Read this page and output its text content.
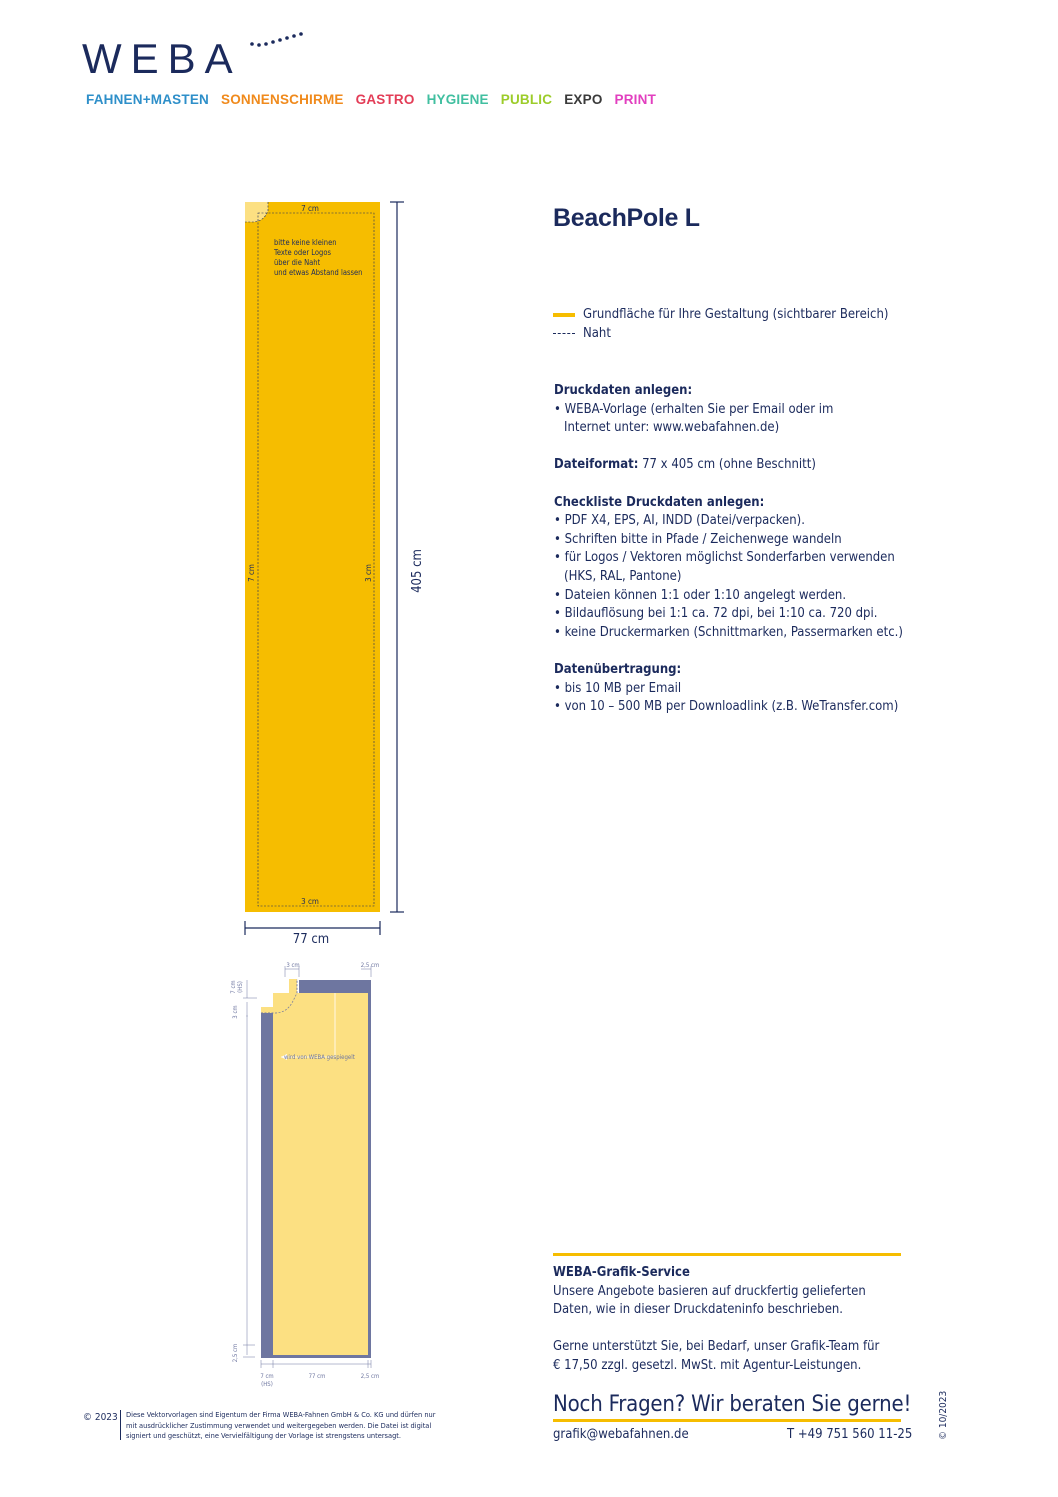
WEBA
FAHNEN+MASTEN SONNENSCHIRME GASTRO HYGIENE PUBLIC EXPO PRINT
7 cm
3 cm
7 cm	3 cm
bitte keine kleinen
Texte oder Logos
über die Naht
und etwas Abstand lassen
405 cm
77 cm
wird von WEBA gespiegelt
3 cm	2,5 cm
7 cm (HS)
3 cm
2,5 cm
7 cm
(HS)
77 cm	2,5 cm
BeachPole L
Grundfläche für Ihre Gestaltung (sichtbarer Bereich)
Naht
Druckdaten anlegen:
• WEBA-Vorlage (erhalten Sie per Email oder im
Internet unter: www.webafahnen.de)
Dateiformat: 77 x 405 cm (ohne Beschnitt)
Checkliste Druckdaten anlegen:
• PDF X4, EPS, AI, INDD (Datei/verpacken).
• Schriften bitte in Pfade / Zeichenwege wandeln
• für Logos / Vektoren möglichst Sonderfarben verwenden (HKS, RAL, Pantone)
• Dateien können 1:1 oder 1:10 angelegt werden.
• Bildauflösung bei 1:1 ca. 72 dpi, bei 1:10 ca. 720 dpi.
• keine Druckermarken (Schnittmarken, Passermarken etc.)
Datenübertragung:
• bis 10 MB per Email
• von 10 – 500 MB per Downloadlink (z.B. WeTransfer.com)
WEBA-Grafik-Service
Unsere Angebote basieren auf druckfertig gelieferten Daten, wie in dieser Druckdateninfo beschrieben.
Gerne unterstützt Sie, bei Bedarf, unser Grafik-Team für € 17,50 zzgl. gesetzl. MwSt. mit Agentur-Leistungen.
Noch Fragen? Wir beraten Sie gerne!
grafik@webafahnen.de	T +49 751 560 11-25
© 2023 Diese Vektorvorlagen sind Eigentum der Firma WEBA-Fahnen GmbH & Co. KG und dürfen nur mit ausdrücklicher Zustimmung verwendet und weitergegeben werden. Die Datei ist digital signiert und geschützt, eine Vervielfältigung der Vorlage ist strengstens untersagt.	© 10/2023
